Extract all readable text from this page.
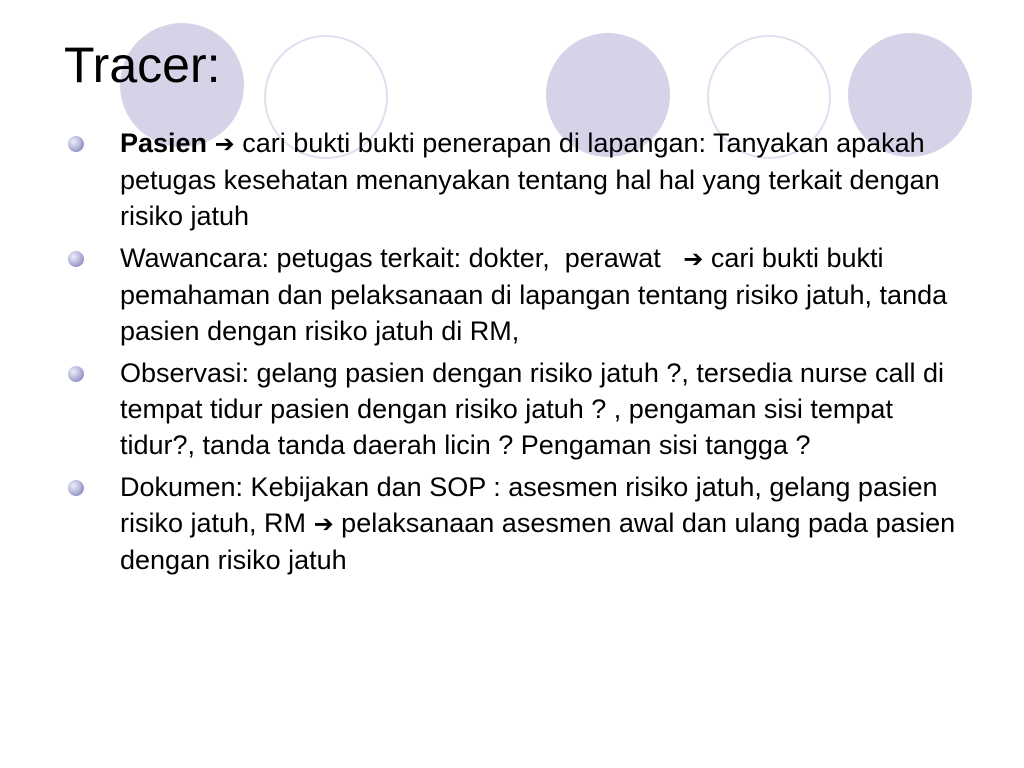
Tracer:
Pasien ➔ cari bukti bukti penerapan di lapangan: Tanyakan apakah petugas kesehatan menanyakan tentang hal hal yang terkait dengan risiko jatuh
Wawancara: petugas terkait: dokter,  perawat   ➔ cari bukti bukti pemahaman dan pelaksanaan di lapangan tentang risiko jatuh, tanda pasien dengan risiko jatuh di RM,
Observasi: gelang pasien dengan risiko jatuh ?, tersedia nurse call di tempat tidur pasien dengan risiko jatuh ? , pengaman sisi tempat tidur?, tanda tanda daerah licin ? Pengaman sisi tangga ?
Dokumen: Kebijakan dan SOP : asesmen risiko jatuh, gelang pasien risiko jatuh, RM ➔ pelaksanaan asesmen awal dan ulang pada pasien dengan risiko jatuh
